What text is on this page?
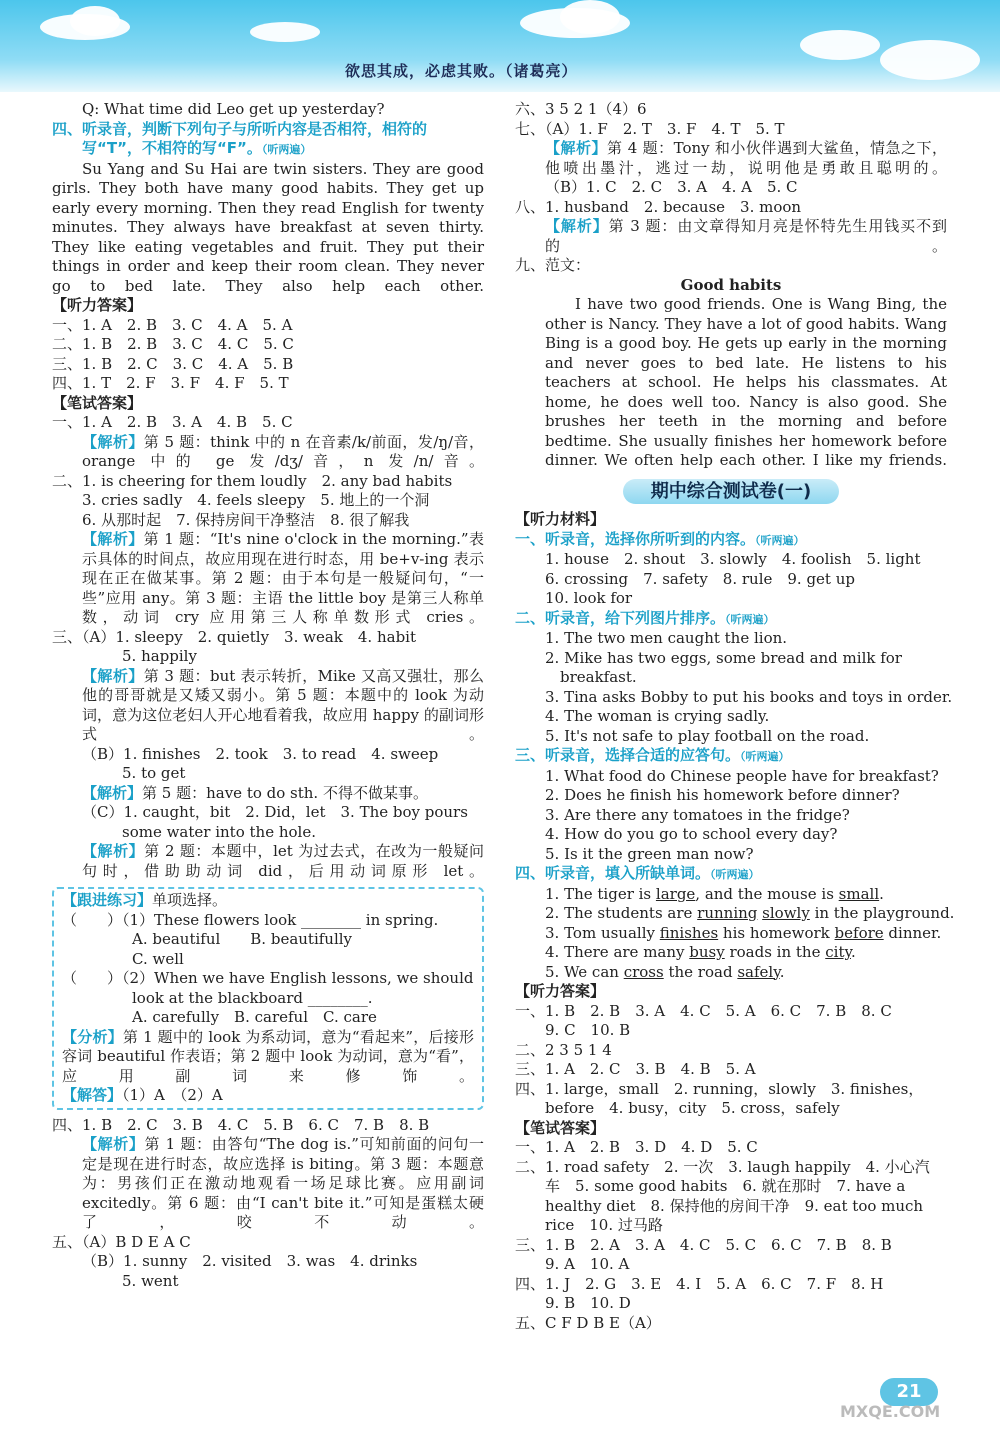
欲思其成，必虑其败。（诸葛亮）
Q: What time did Leo get up yesterday?
四、听录音，判断下列句子与所听内容是否相符，相符的
写“T”，不相符的写“F”。（听两遍）
Su Yang and Su Hai are twin sisters. They are good girls. They both have many good habits. They get up early every morning. Then they read English for twenty minutes. They always have breakfast at seven thirty. They like eating vegetables and fruit. They put their things in order and keep their room clean. They never go to bed late. They also help each other.
【听力答案】
一、1. A　2. B　3. C　4. A　5. A
二、1. B　2. B　3. C　4. C　5. C
三、1. B　2. C　3. C　4. A　5. B
四、1. T　2. F　3. F　4. F　5. T
【笔试答案】
一、1. A　2. B　3. A　4. B　5. C
【解析】第 5 题：think 中的 n 在音素/k/前面，发/ŋ/音，orange 中的 ge 发/dʒ/音，n 发/n/音。
二、1. is cheering for them loudly　2. any bad habits
3. cries sadly　4. feels sleepy　5. 地上的一个洞
6. 从那时起　7. 保持房间干净整洁　8. 很了解我
【解析】第 1 题：“It's nine o'clock in the morning.”表示具体的时间点，故应用现在进行时态，用 be+v-ing 表示现在正在做某事。第 2 题：由于本句是一般疑问句，“一些”应用 any。第 3 题：主语 the little boy 是第三人称单数，动词 cry 应用第三人称单数形式 cries。
三、（A）1. sleepy　2. quietly　3. weak　4. habit
5. happily
【解析】第 3 题：but 表示转折，Mike 又高又强壮，那么他的哥哥就是又矮又弱小。第 5 题：本题中的 look 为动词，意为这位老妇人开心地看着我，故应用 happy 的副词形式。
（B）1. finishes　2. took　3. to read　4. sweep
5. to get
【解析】第 5 题：have to do sth. 不得不做某事。
（C）1. caught，bit　2. Did，let　3. The boy pours
some water into the hole.
【解析】第 2 题：本题中，let 为过去式，在改为一般疑问句时，借助助动词 did，后用动词原形 let。
【跟进练习】单项选择。
（　　）（1）These flowers look ________ in spring.
A. beautiful　　B. beautifully
C. well
（　　）（2）When we have English lessons, we should
look at the blackboard ________.
A. carefully　B. careful　C. care
【分析】第 1 题中的 look 为系动词，意为“看起来”，后接形容词 beautiful 作表语；第 2 题中 look 为动词，意为“看”，应用副词来修饰。
【解答】（1）A　（2）A
四、1. B　2. C　3. B　4. C　5. B　6. C　7. B　8. B
【解析】第 1 题：由答句“The dog is.”可知前面的问句一定是现在进行时态，故应选择 is biting。第 3 题：本题意为：男孩们正在激动地观看一场足球比赛。应用副词 excitedly。第 6 题：由“I can't bite it.”可知是蛋糕太硬了，咬不动。
五、（A）B D E A C
（B）1. sunny　2. visited　3. was　4. drinks
5. went
六、3 5 2 1（4）6
七、（A）1. F　2. T　3. F　4. T　5. T
【解析】第 4 题：Tony 和小伙伴遇到大鲨鱼，情急之下，他喷出墨汁，逃过一劫，说明他是勇敢且聪明的。
（B）1. C　2. C　3. A　4. A　5. C
八、1. husband　2. because　3. moon
【解析】第 3 题：由文章得知月亮是怀特先生用钱买不到的。
九、范文：
Good habits
I have two good friends. One is Wang Bing, the other is Nancy. They have a lot of good habits. Wang Bing is a good boy. He gets up early in the morning and never goes to bed late. He listens to his teachers at school. He helps his classmates. At home, he does well too. Nancy is also good. She brushes her teeth in the morning and before bedtime. She usually finishes her homework before dinner. We often help each other. I like my friends.
期中综合测试卷(一)
【听力材料】
一、听录音，选择你所听到的内容。（听两遍）
1. house　2. shout　3. slowly　4. foolish　5. light
6. crossing　7. safety　8. rule　9. get up
10. look for
二、听录音，给下列图片排序。（听两遍）
1. The two men caught the lion.
2. Mike has two eggs, some bread and milk for
　breakfast.
3. Tina asks Bobby to put his books and toys in order.
4. The woman is crying sadly.
5. It's not safe to play football on the road.
三、听录音，选择合适的应答句。（听两遍）
1. What food do Chinese people have for breakfast?
2. Does he finish his homework before dinner?
3. Are there any tomatoes in the fridge?
4. How do you go to school every day?
5. Is it the green man now?
四、听录音，填入所缺单词。（听两遍）
1. The tiger is large, and the mouse is small.
2. The students are running slowly in the playground.
3. Tom usually finishes his homework before dinner.
4. There are many busy roads in the city.
5. We can cross the road safely.
【听力答案】
一、1. B　2. B　3. A　4. C　5. A　6. C　7. B　8. C
9. C　10. B
二、2 3 5 1 4
三、1. A　2. C　3. B　4. B　5. A
四、1. large，small　2. running，slowly　3. finishes，
before　4. busy，city　5. cross，safely
【笔试答案】
一、1. A　2. B　3. D　4. D　5. C
二、1. road safety　2. 一次　3. laugh happily　4. 小心汽
车　5. some good habits　6. 就在那时　7. have a
healthy diet　8. 保持他的房间干净　9. eat too much
rice　10. 过马路
三、1. B　2. A　3. A　4. C　5. C　6. C　7. B　8. B
9. A　10. A
四、1. J　2. G　3. E　4. I　5. A　6. C　7. F　8. H
9. B　10. D
五、C F D B E（A）
21
MXQE.COM
